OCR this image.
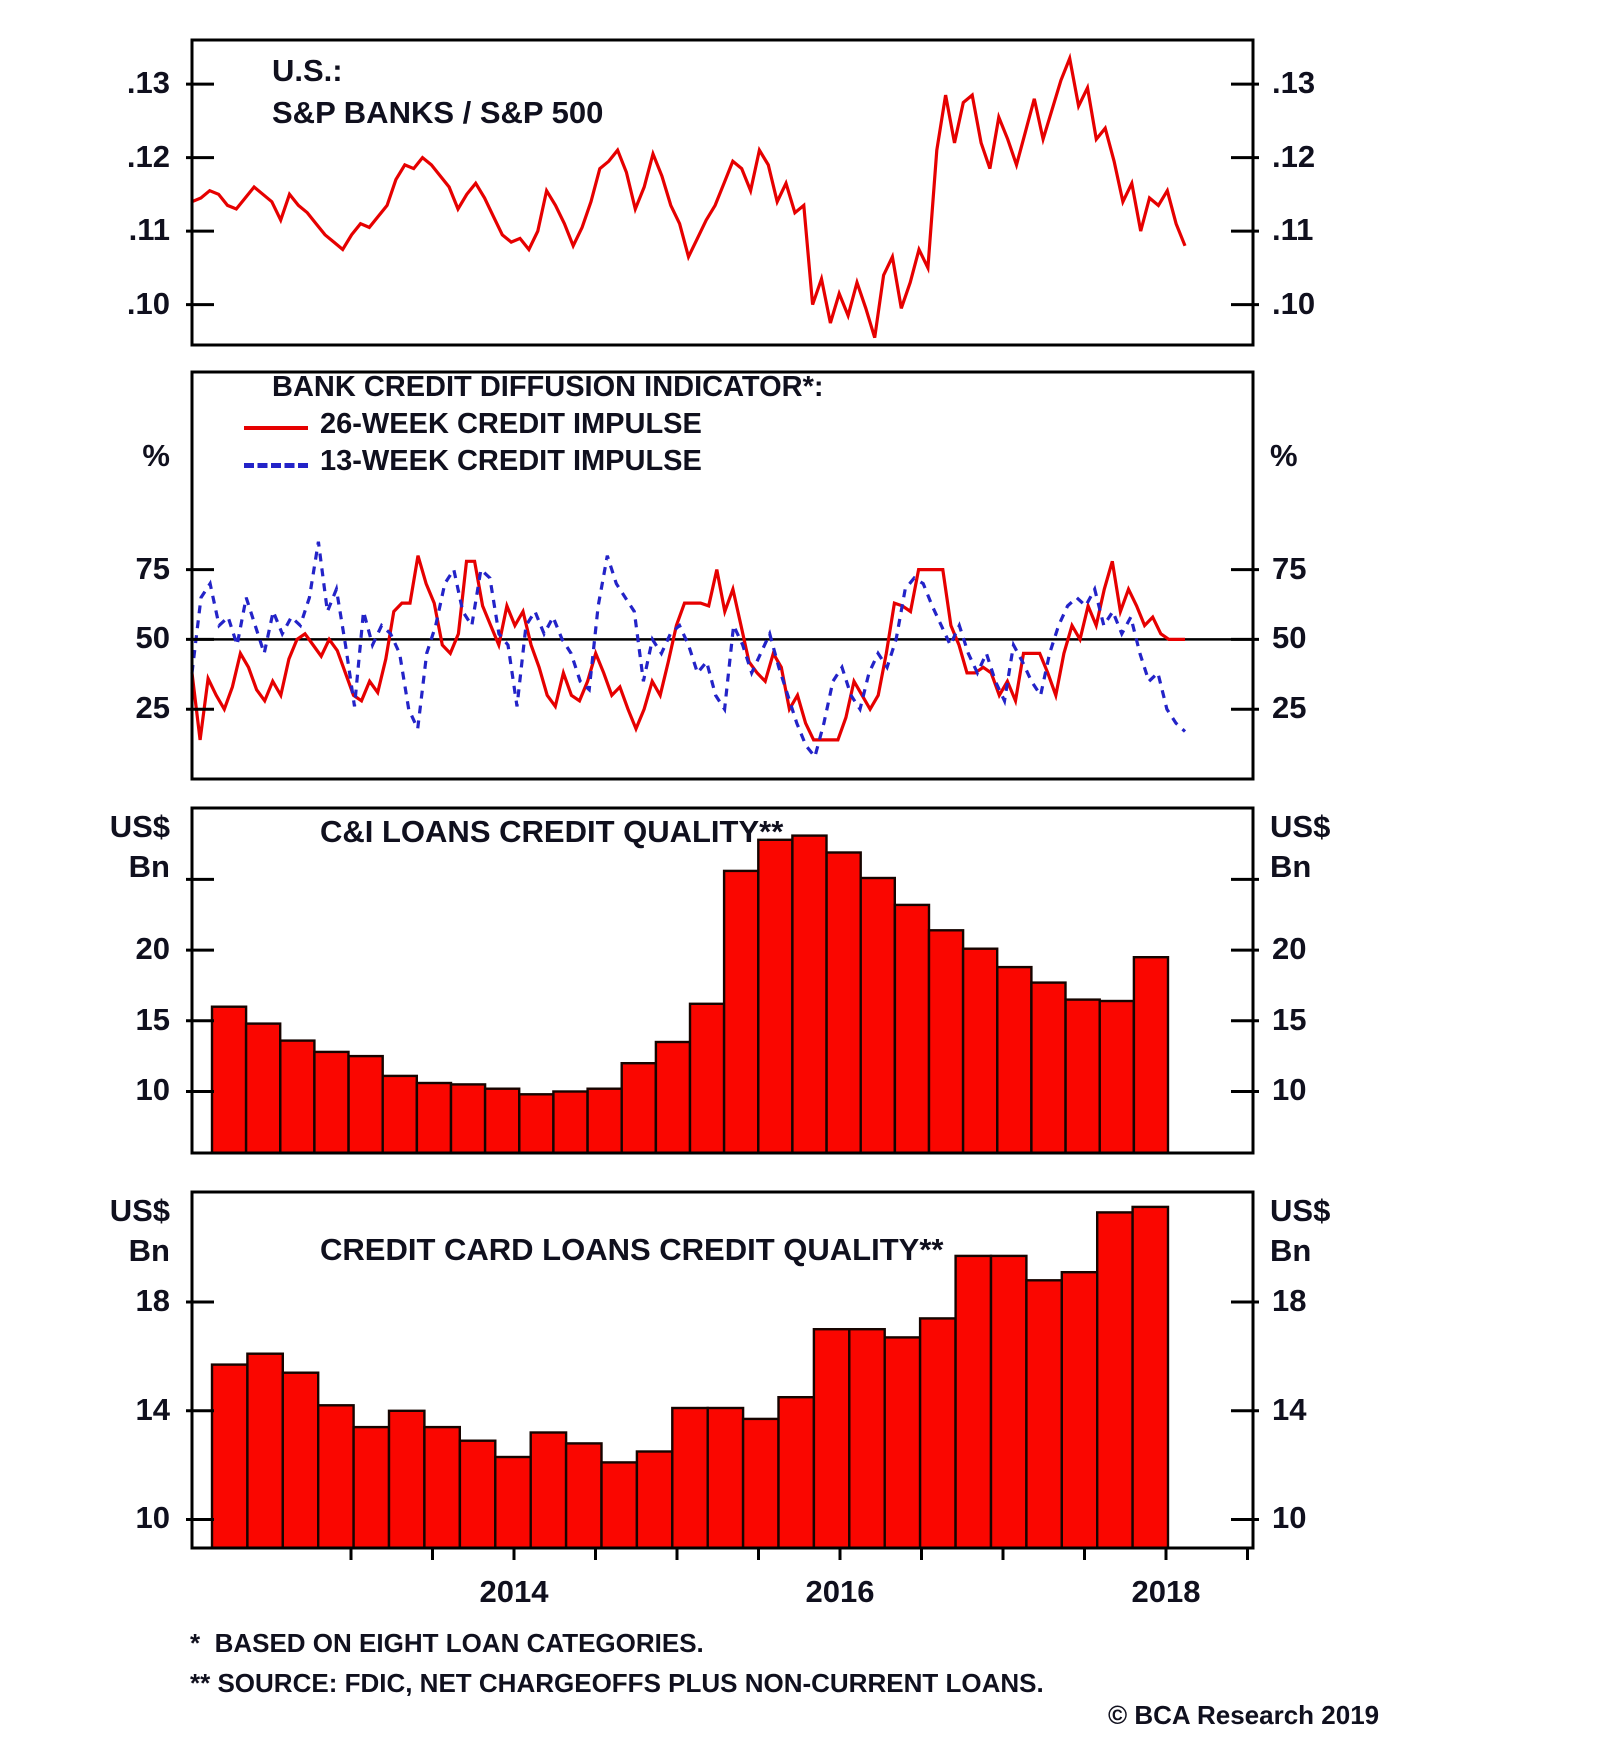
U.S.:
S&P BANKS / S&P 500
BANK CREDIT DIFFUSION INDICATOR*:
26-WEEK CREDIT IMPULSE
13-WEEK CREDIT IMPULSE
C&I LOANS CREDIT QUALITY**
CREDIT CARD LOANS CREDIT QUALITY**
*  BASED ON EIGHT LOAN CATEGORIES.
** SOURCE: FDIC, NET CHARGEOFFS PLUS NON-CURRENT LOANS.
© BCA Research 2019
.13	.13
.12	.12
.11	.11
.10	.10
75	75
50	50
25	25
%	%
20	20
15	15
10	10
US$
Bn
US$
Bn
18	18
14	14
10	10
US$
Bn
US$
Bn
2014	2016	2018
